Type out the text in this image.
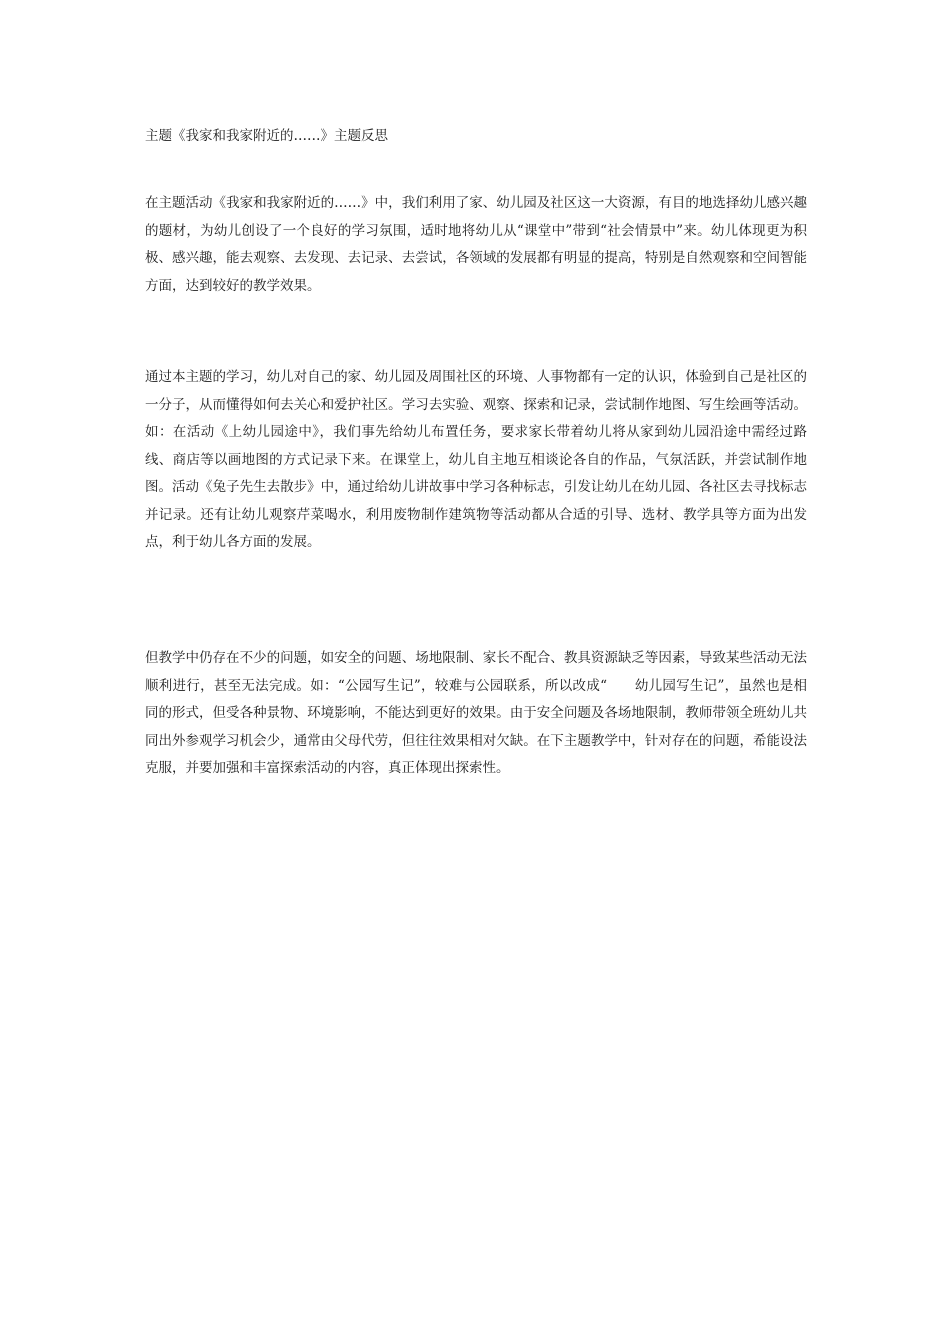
主题《我家和我家附近的……》主题反思

在主题活动《我家和我家附近的……》中，我们利用了家、幼儿园及社区这一大资源，有目的地选择幼儿感兴趣的题材，为幼儿创设了一个良好的学习氛围，适时地将幼儿从“课堂中”带到“社会情景中”来。幼儿体现更为积极、感兴趣，能去观察、去发现、去记录、去尝试，各领域的发展都有明显的提高，特别是自然观察和空间智能方面，达到较好的教学效果。

通过本主题的学习，幼儿对自己的家、幼儿园及周围社区的环境、人事物都有一定的认识，体验到自己是社区的一分子，从而懂得如何去关心和爱护社区。学习去实验、观察、探索和记录，尝试制作地图、写生绘画等活动。如：在活动《上幼儿园途中》，我们事先给幼儿布置任务，要求家长带着幼儿将从家到幼儿园沿途中需经过路线、商店等以画地图的方式记录下来。在课堂上，幼儿自主地互相谈论各自的作品，气氛活跃，并尝试制作地图。活动《兔子先生去散步》中，通过给幼儿讲故事中学习各种标志，引发让幼儿在幼儿园、各社区去寻找标志并记录。还有让幼儿观察芹菜喝水，利用废物制作建筑物等活动都从合适的引导、选材、教学具等方面为出发点，利于幼儿各方面的发展。

但教学中仍存在不少的问题，如安全的问题、场地限制、家长不配合、教具资源缺乏等因素，导致某些活动无法顺利进行，甚至无法完成。如：“公园写生记”，较难与公园联系，所以改成“　　幼儿园写生记”，虽然也是相同的形式，但受各种景物、环境影响，不能达到更好的效果。由于安全问题及各场地限制，教师带领全班幼儿共同出外参观学习机会少，通常由父母代劳，但往往效果相对欠缺。在下主题教学中，针对存在的问题，希能设法克服，并要加强和丰富探索活动的内容，真正体现出探索性。
